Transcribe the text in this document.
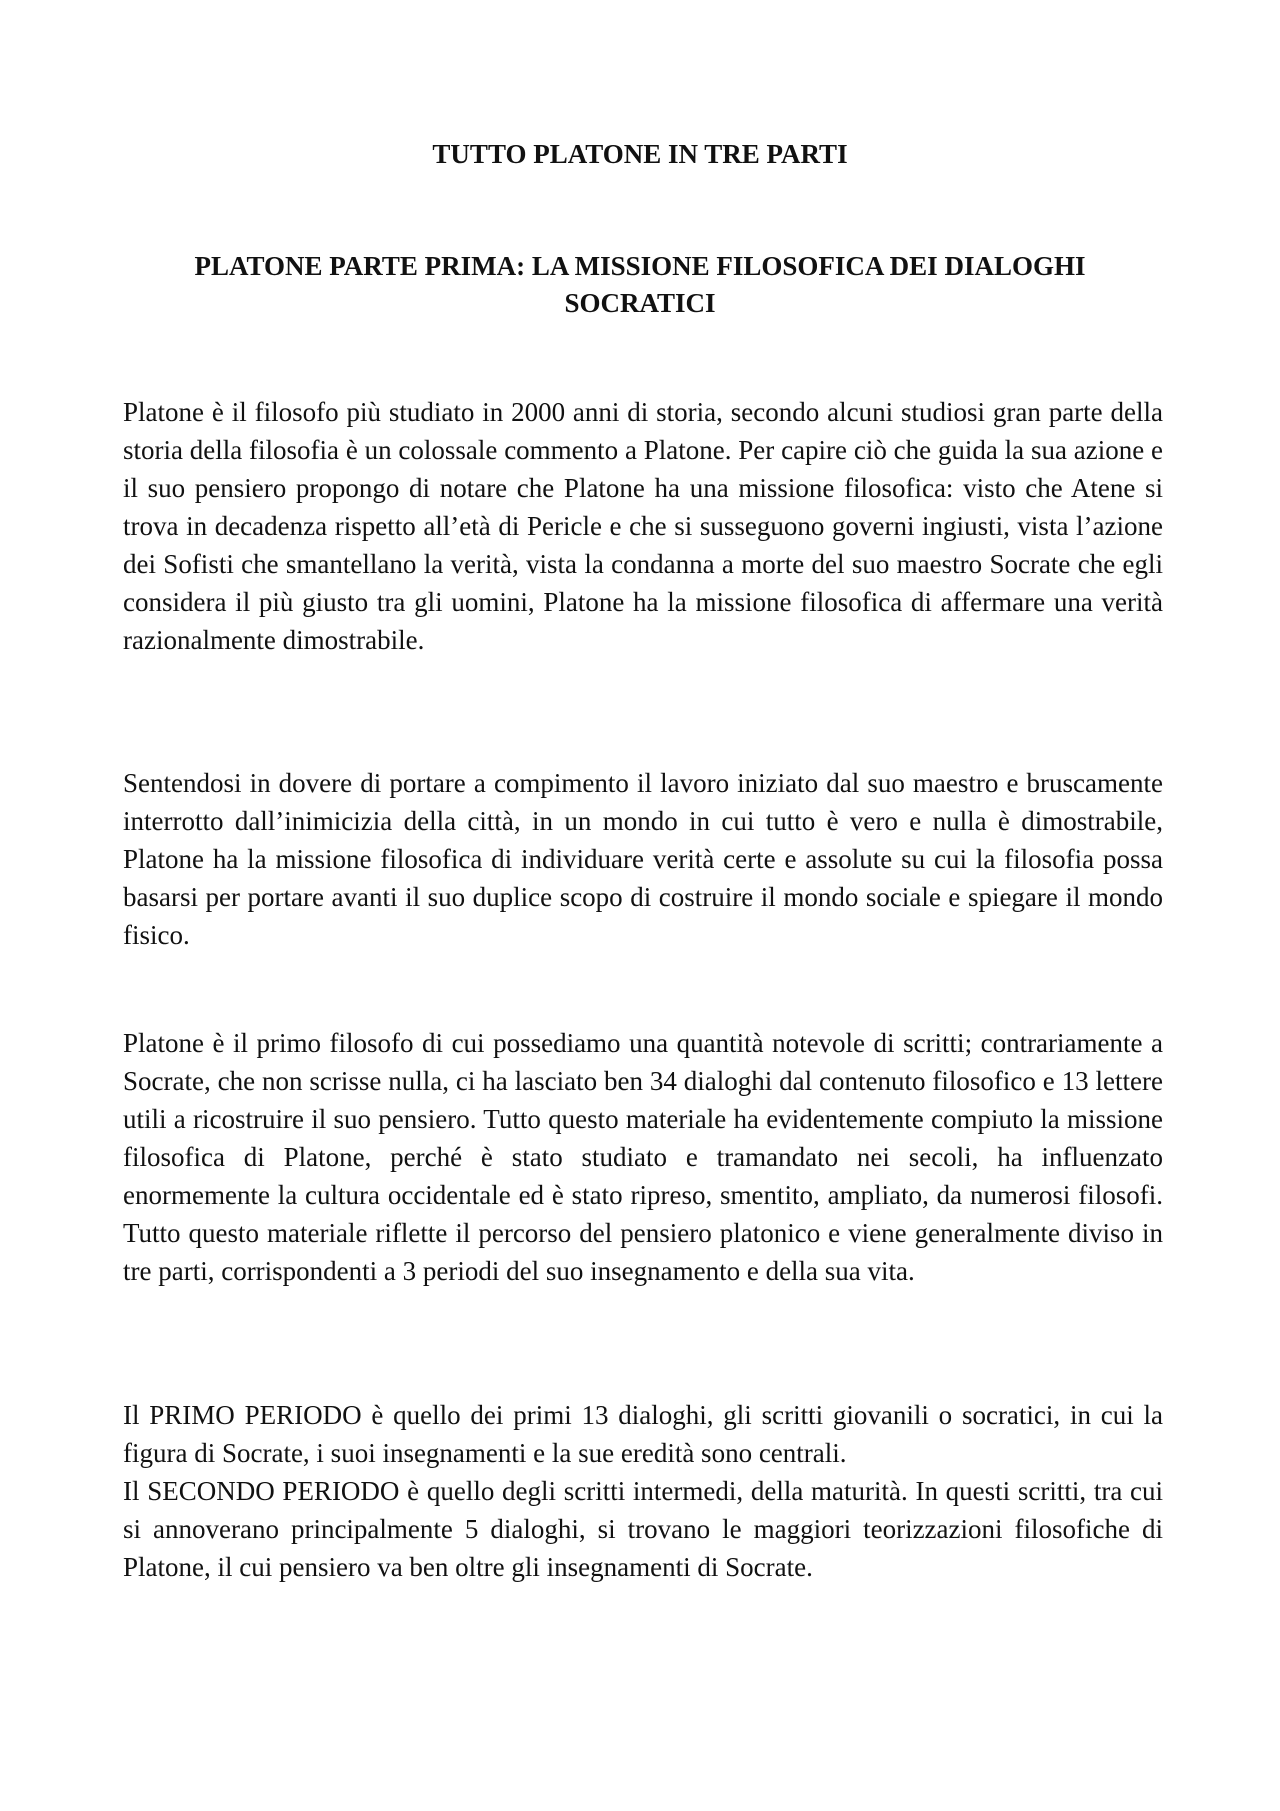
TUTTO PLATONE IN TRE PARTI
PLATONE PARTE PRIMA: LA MISSIONE FILOSOFICA DEI DIALOGHI SOCRATICI

Platone è il filosofo più studiato in 2000 anni di storia, secondo alcuni studiosi gran parte della storia della filosofia è un colossale commento a Platone. Per capire ciò che guida la sua azione e il suo pensiero propongo di notare che Platone ha una missione filosofica: visto che Atene si trova in decadenza rispetto all’età di Pericle e che si susseguono governi ingiusti, vista l’azione dei Sofisti che smantellano la verità, vista la condanna a morte del suo maestro Socrate che egli considera il più giusto tra gli uomini, Platone ha la missione filosofica di affermare una verità razionalmente dimostrabile.

Sentendosi in dovere di portare a compimento il lavoro iniziato dal suo maestro e bruscamente interrotto dall’inimicizia della città, in un mondo in cui tutto è vero e nulla è dimostrabile, Platone ha la missione filosofica di individuare verità certe e assolute su cui la filosofia possa basarsi per portare avanti il suo duplice scopo di costruire il mondo sociale e spiegare il mondo fisico.

Platone è il primo filosofo di cui possediamo una quantità notevole di scritti; contrariamente a Socrate, che non scrisse nulla, ci ha lasciato ben 34 dialoghi dal contenuto filosofico e 13 lettere utili a ricostruire il suo pensiero. Tutto questo materiale ha evidentemente compiuto la missione filosofica di Platone, perché è stato studiato e tramandato nei secoli, ha influenzato enormemente la cultura occidentale ed è stato ripreso, smentito, ampliato, da numerosi filosofi. Tutto questo materiale riflette il percorso del pensiero platonico e viene generalmente diviso in tre parti, corrispondenti a 3 periodi del suo insegnamento e della sua vita.

Il PRIMO PERIODO è quello dei primi 13 dialoghi, gli scritti giovanili o socratici, in cui la figura di Socrate, i suoi insegnamenti e la sue eredità sono centrali.

Il SECONDO PERIODO è quello degli scritti intermedi, della maturità. In questi scritti, tra cui si annoverano principalmente 5 dialoghi, si trovano le maggiori teorizzazioni filosofiche di Platone, il cui pensiero va ben oltre gli insegnamenti di Socrate.
